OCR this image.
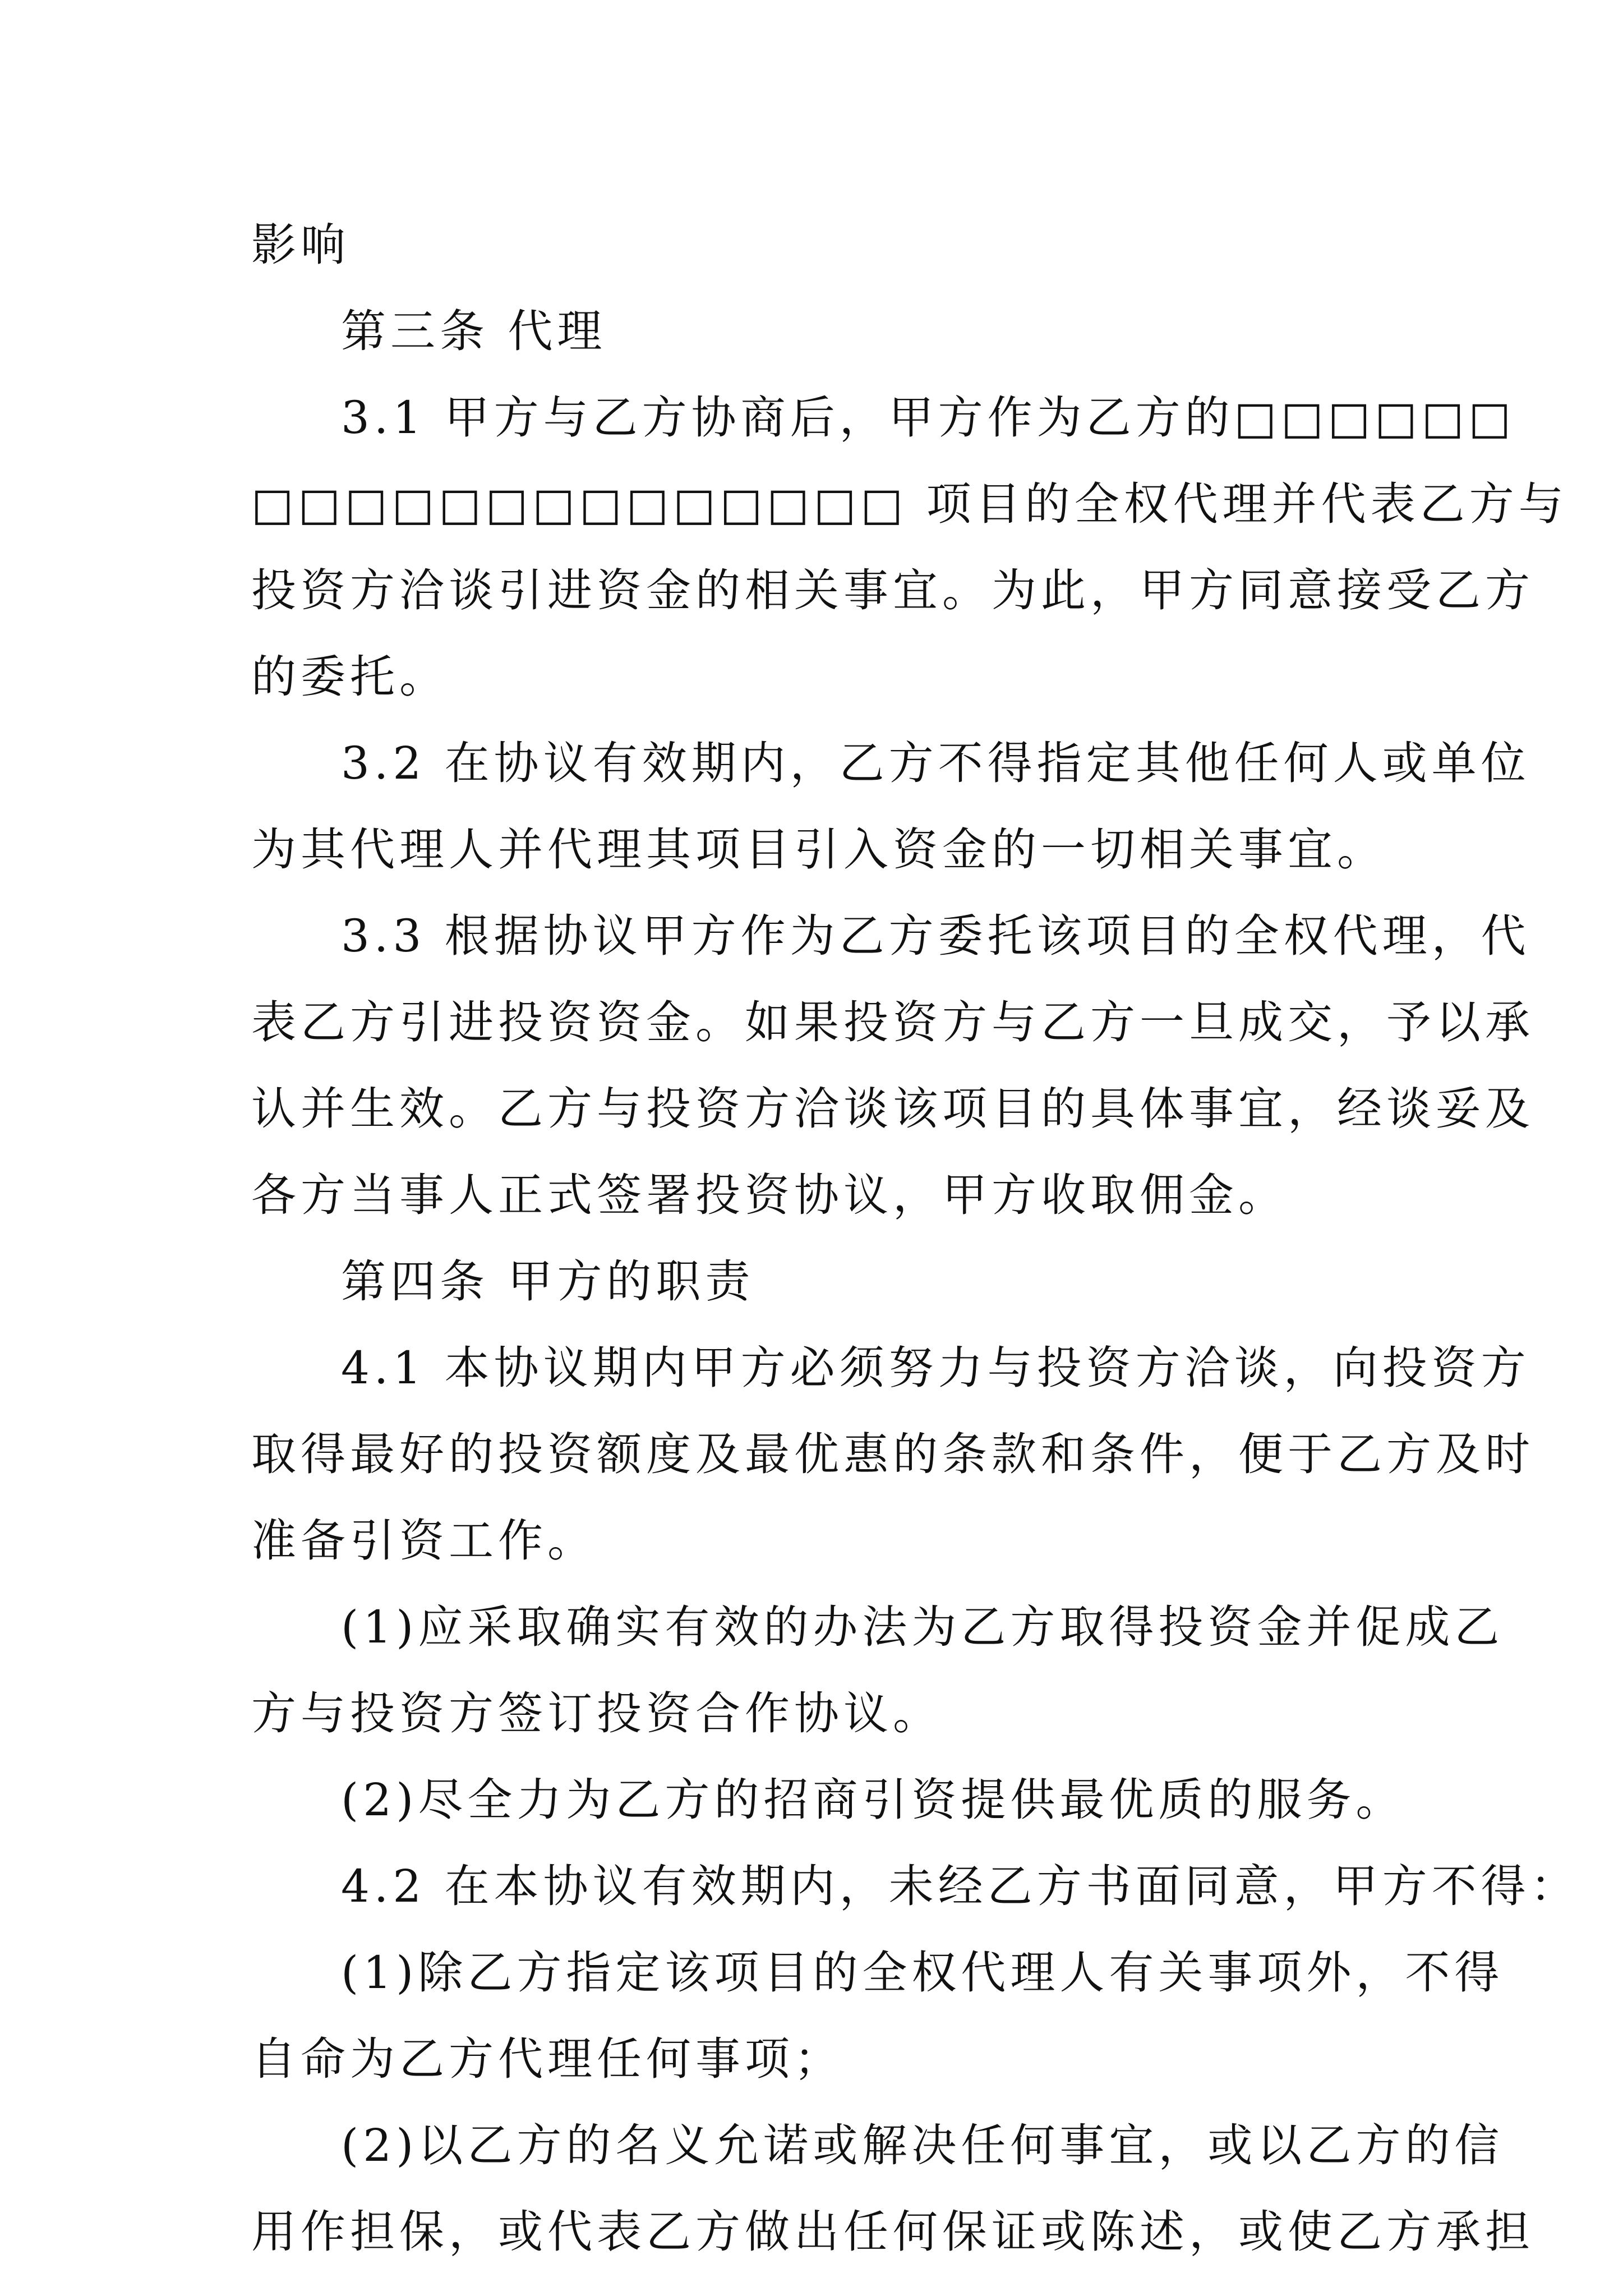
影响
第三条 代理
3.1 甲方与乙方协商后，甲方作为乙方的□□□□□□
□□□□□□□□□□□□□□ 项目的全权代理并代表乙方与
投资方洽谈引进资金的相关事宜。为此，甲方同意接受乙方
的委托。
3.2 在协议有效期内，乙方不得指定其他任何人或单位
为其代理人并代理其项目引入资金的一切相关事宜。
3.3 根据协议甲方作为乙方委托该项目的全权代理，代
表乙方引进投资资金。如果投资方与乙方一旦成交，予以承
认并生效。乙方与投资方洽谈该项目的具体事宜，经谈妥及
各方当事人正式签署投资协议，甲方收取佣金。
第四条 甲方的职责
4.1 本协议期内甲方必须努力与投资方洽谈，向投资方
取得最好的投资额度及最优惠的条款和条件，便于乙方及时
准备引资工作。
(1)应采取确实有效的办法为乙方取得投资金并促成乙
方与投资方签订投资合作协议。
(2)尽全力为乙方的招商引资提供最优质的服务。
4.2 在本协议有效期内，未经乙方书面同意，甲方不得：
(1)除乙方指定该项目的全权代理人有关事项外，不得
自命为乙方代理任何事项；
(2)以乙方的名义允诺或解决任何事宜，或以乙方的信
用作担保，或代表乙方做出任何保证或陈述，或使乙方承担
